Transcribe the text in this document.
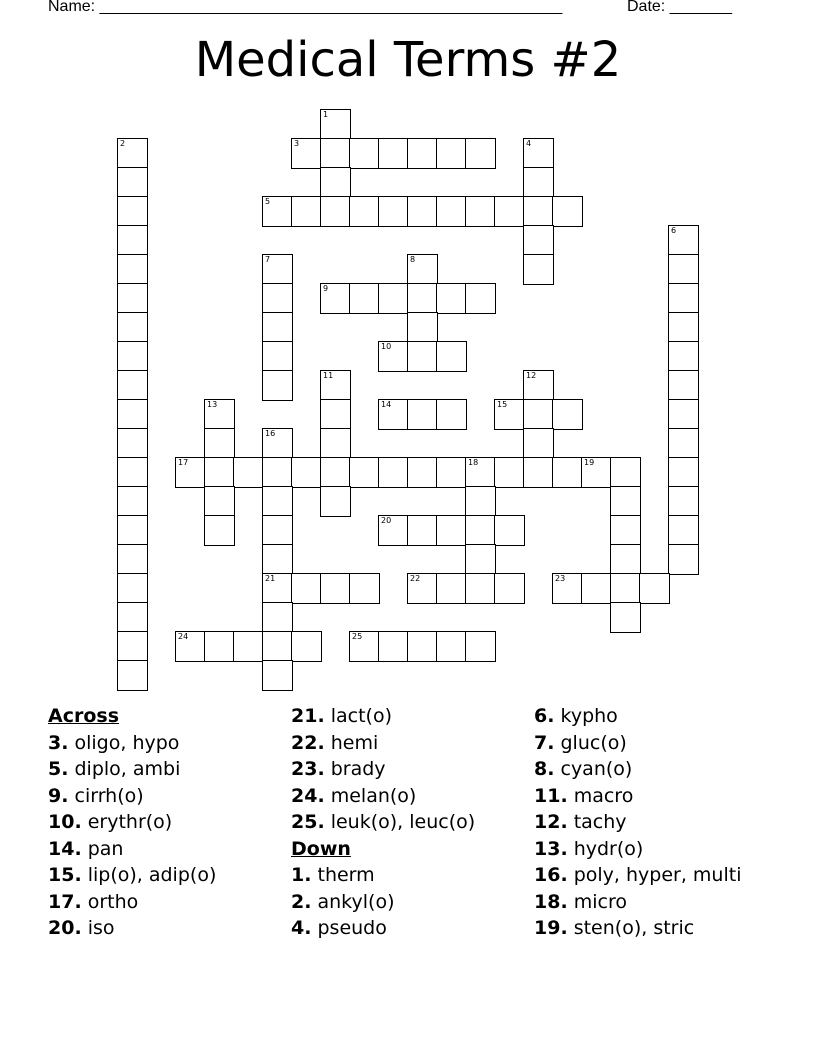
Name: ____________________________________________________	Date: _______
Medical Terms #2
1
2	3	4
5
6
7	8
9
10
11	12
13	14	15
16
17	18	19
20
21	22	23
24	25
Across
3. oligo, hypo
5. diplo, ambi
9. cirrh(o)
10. erythr(o)
14. pan
15. lip(o), adip(o)
17. ortho
20. iso
21. lact(o)
22. hemi
23. brady
24. melan(o)
25. leuk(o), leuc(o)
Down
1. therm
2. ankyl(o)
4. pseudo
6. kypho
7. gluc(o)
8. cyan(o)
11. macro
12. tachy
13. hydr(o)
16. poly, hyper, multi
18. micro
19. sten(o), stric
